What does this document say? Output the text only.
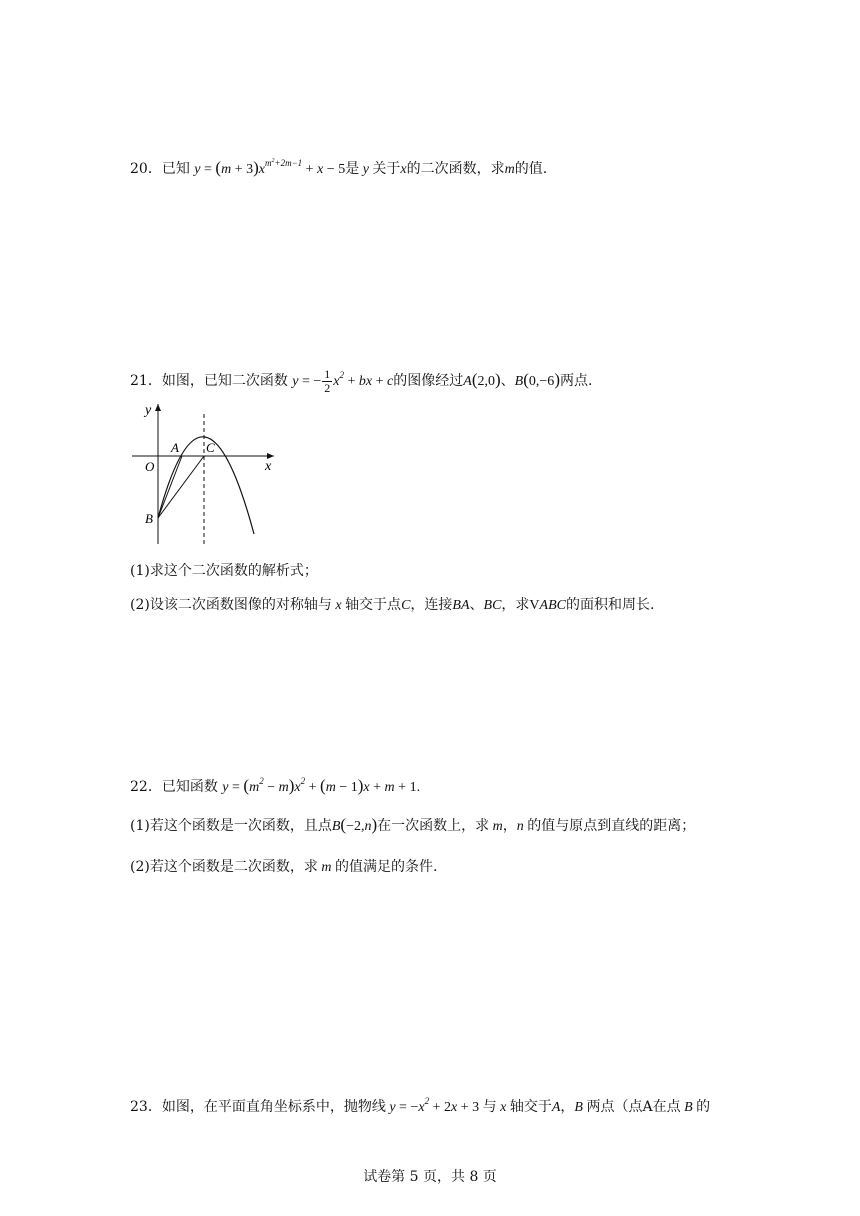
20．已知 $y = (m + 3)x^{m^2+2m-1} + x - 5$是 y 关于x的二次函数，求m的值.
21．如图，已知二次函数 y = − $\frac{1}{2} x^2$ + bx + c的图像经过A(2,0)、B(0,−6)两点.
y
x
A C
O
B
(1)求这个二次函数的解析式；
(2)设该二次函数图像的对称轴与 x 轴交于点C，连接BA、BC，求VABC的面积和周长.
22．已知函数 $y = (m^2 - m)x^2 + (m - 1)x + m + 1$.
(1)若这个函数是一次函数，且点B(−2,n)在一次函数上，求 m，n 的值与原点到直线的距离；
(2)若这个函数是二次函数，求 m 的值满足的条件.
23．如图，在平面直角坐标系中，抛物线 $y = -x^2 + 2x + 3$ 与 x 轴交于A，B 两点（点A在点 B 的
试卷第 5 页，共 8 页
